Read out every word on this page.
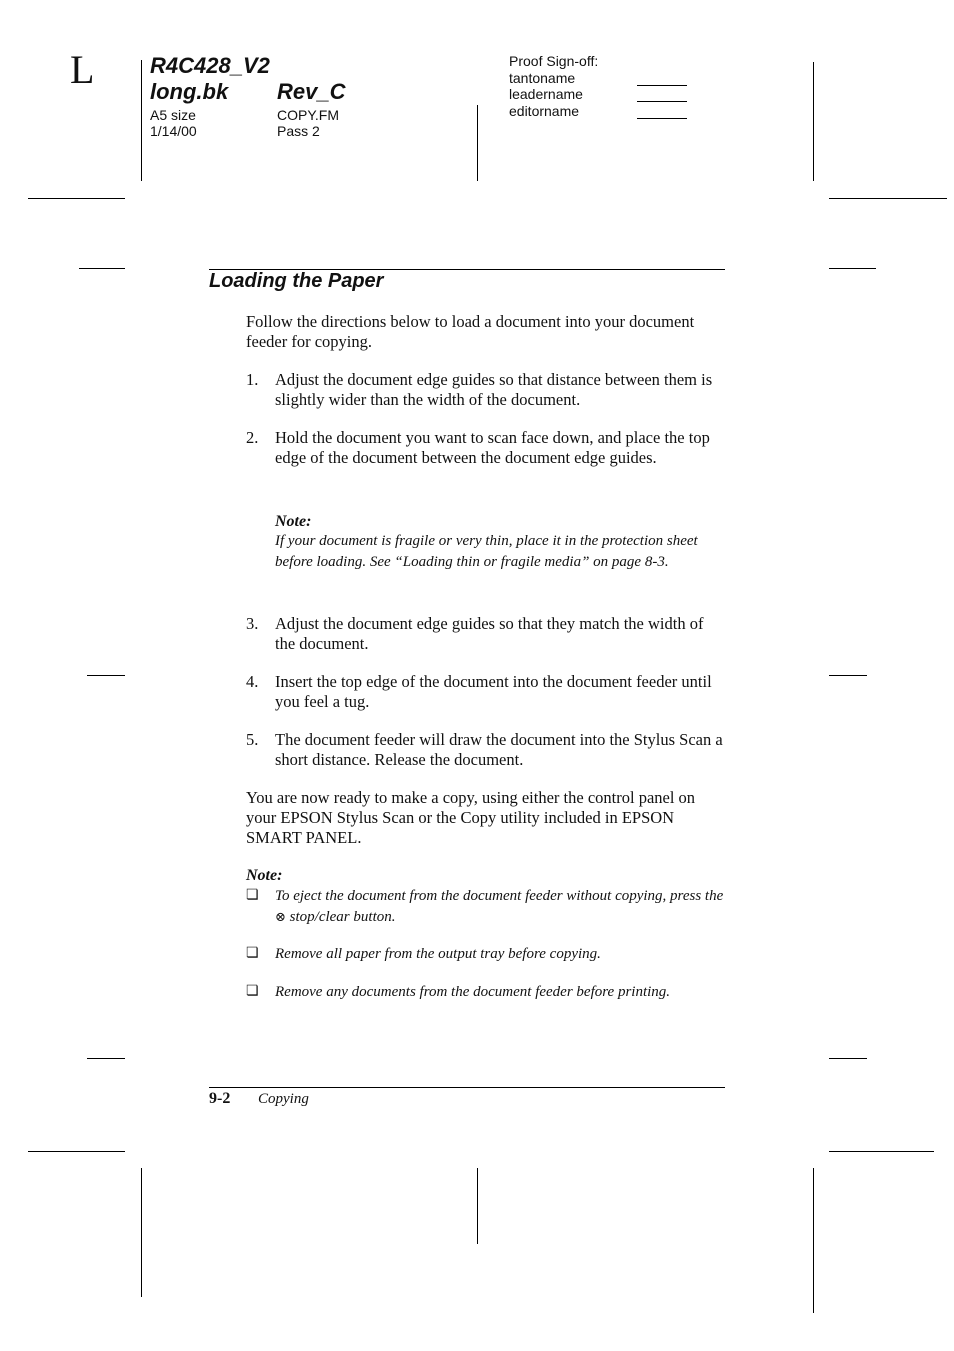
L	R4C428_V2
long.bk Rev_C
A5 size
1/14/00
COPY.FM
Pass 2
Proof Sign-off:
tantoname
leadername
editorname
Loading the Paper
Follow the directions below to load a document into your document feeder for copying.
1.	Adjust the document edge guides so that distance between them is slightly wider than the width of the document.
2.	Hold the document you want to scan face down, and place the top edge of the document between the document edge guides.
Note:
If your document is fragile or very thin, place it in the protection sheet before loading. See “Loading thin or fragile media” on page 8-3.
3.	Adjust the document edge guides so that they match the width of the document.
4.	Insert the top edge of the document into the document feeder until you feel a tug.
5.	The document feeder will draw the document into the Stylus Scan a short distance. Release the document.
You are now ready to make a copy, using either the control panel on your EPSON Stylus Scan or the Copy utility included in EPSON SMART PANEL.
Note:
❏ To eject the document from the document feeder without copying, press the ⊗ stop/clear button.
❏ Remove all paper from the output tray before copying.
❏ Remove any documents from the document feeder before printing.
9-2 Copying
